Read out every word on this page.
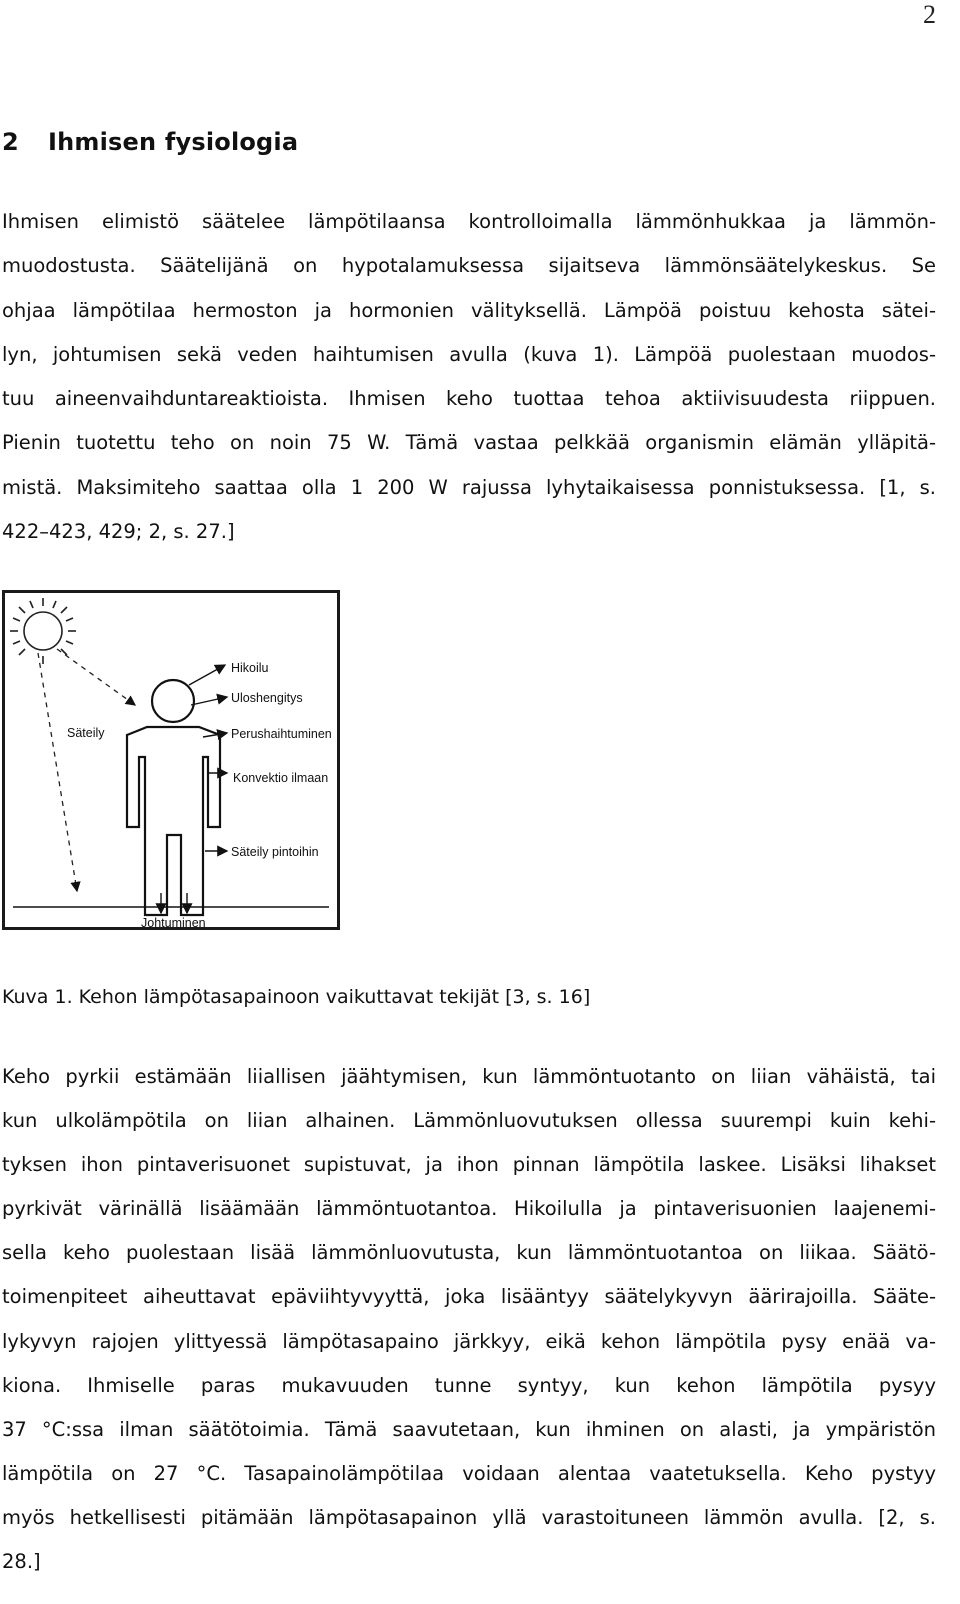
2
2 Ihmisen fysiologia
Ihmisen elimistö säätelee lämpötilaansa kontrolloimalla lämmönhukkaa ja lämmön-
muodostusta. Säätelijänä on hypotalamuksessa sijaitseva lämmönsäätelykeskus. Se
ohjaa lämpötilaa hermoston ja hormonien välityksellä. Lämpöä poistuu kehosta sätei-
lyn, johtumisen sekä veden haihtumisen avulla (kuva 1). Lämpöä puolestaan muodos-
tuu aineenvaihduntareaktioista. Ihmisen keho tuottaa tehoa aktiivisuudesta riippuen.
Pienin tuotettu teho on noin 75 W. Tämä vastaa pelkkää organismin elämän ylläpitä-
mistä. Maksimiteho saattaa olla 1 200 W rajussa lyhytaikaisessa ponnistuksessa. [1, s.
422–423, 429; 2, s. 27.]
Hikoilu
Uloshengitys
Perushaihtuminen
Konvektio ilmaan
Säteily pintoihin
Säteily
Johtuminen

Kuva 1. Kehon lämpötasapainoon vaikuttavat tekijät [3, s. 16]

Keho pyrkii estämään liiallisen jäähtymisen, kun lämmöntuotanto on liian vähäistä, tai
kun ulkolämpötila on liian alhainen. Lämmönluovutuksen ollessa suurempi kuin kehi-
tyksen ihon pintaverisuonet supistuvat, ja ihon pinnan lämpötila laskee. Lisäksi lihakset
pyrkivät värinällä lisäämään lämmöntuotantoa. Hikoilulla ja pintaverisuonien laajenemi-
sella keho puolestaan lisää lämmönluovutusta, kun lämmöntuotantoa on liikaa. Säätö-
toimenpiteet aiheuttavat epäviihtyvyyttä, joka lisääntyy säätelykyvyn äärirajoilla. Sääte-
lykyvyn rajojen ylittyessä lämpötasapaino järkkyy, eikä kehon lämpötila pysy enää va-
kiona. Ihmiselle paras mukavuuden tunne syntyy, kun kehon lämpötila pysyy
37 °C:ssa ilman säätötoimia. Tämä saavutetaan, kun ihminen on alasti, ja ympäristön
lämpötila on 27 °C. Tasapainolämpötilaa voidaan alentaa vaatetuksella. Keho pystyy
myös hetkellisesti pitämään lämpötasapainon yllä varastoituneen lämmön avulla. [2, s.
28.]
